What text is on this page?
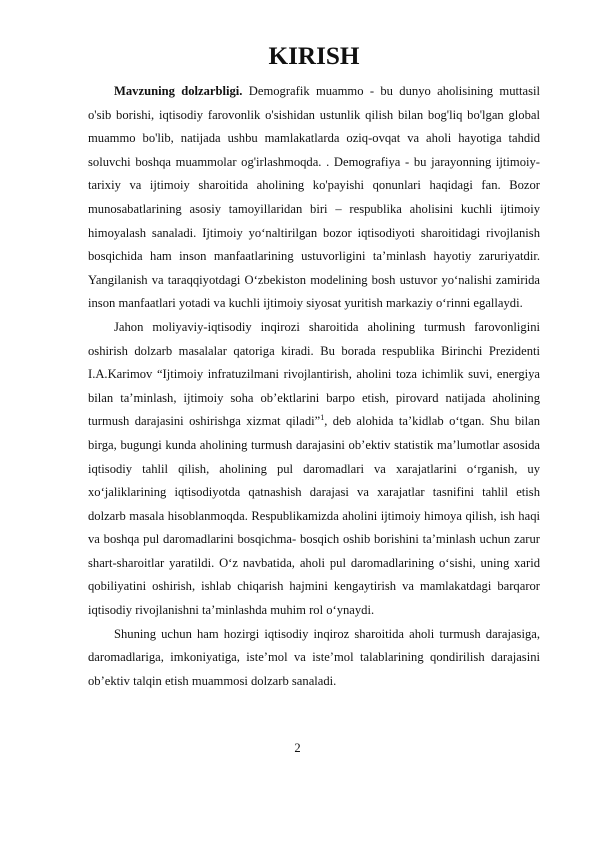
KIRISH

Mavzuning dolzarbligi. Demografik muammo - bu dunyo aholisining muttasil o'sib borishi, iqtisodiy farovonlik o'sishidan ustunlik qilish bilan bog'liq bo'lgan global muammo bo'lib, natijada ushbu mamlakatlarda oziq-ovqat va aholi hayotiga tahdid soluvchi boshqa muammolar og'irlashmoqda. . Demografiya - bu jarayonning ijtimoiy-tarixiy va ijtimoiy sharoitida aholining ko'payishi qonunlari haqidagi fan. Bozor munosabatlarining asosiy tamoyillaridan biri – respublika aholisini kuchli ijtimoiy himoyalash sanaladi. Ijtimoiy yo‘naltirilgan bozor iqtisodiyoti sharoitidagi rivojlanish bosqichida ham inson manfaatlarining ustuvorligini ta’minlash hayotiy zaruriyatdir. Yangilanish va taraqqiyotdagi O‘zbekiston modelining bosh ustuvor yo‘nalishi zamirida inson manfaatlari yotadi va kuchli ijtimoiy siyosat yuritish markaziy o‘rinni egallaydi.

Jahon moliyaviy-iqtisodiy inqirozi sharoitida aholining turmush farovonligini oshirish dolzarb masalalar qatoriga kiradi. Bu borada respublika Birinchi Prezidenti I.A.Karimov “Ijtimoiy infratuzilmani rivojlantirish, aholini toza ichimlik suvi, energiya bilan ta’minlash, ijtimoiy soha ob’ektlarini barpo etish, pirovard natijada aholining turmush darajasini oshirishga xizmat qiladi”$^1$, deb alohida ta’kidlab o‘tgan. Shu bilan birga, bugungi kunda aholining turmush darajasini ob’ektiv statistik ma’lumotlar asosida iqtisodiy tahlil qilish, aholining pul daromadlari va xarajatlarini o‘rganish, uy xo‘jaliklarining iqtisodiyotda qatnashish darajasi va xarajatlar tasnifini tahlil etish dolzarb masala hisoblanmoqda. Respublikamizda aholini ijtimoiy himoya qilish, ish haqi va boshqa pul daromadlarini bosqichma- bosqich oshib borishini ta’minlash uchun zarur shart-sharoitlar yaratildi. O‘z navbatida, aholi pul daromadlarining o‘sishi, uning xarid qobiliyatini oshirish, ishlab chiqarish hajmini kengaytirish va mamlakatdagi barqaror iqtisodiy rivojlanishni ta’minlashda muhim rol o‘ynaydi.

Shuning uchun ham hozirgi iqtisodiy inqiroz sharoitida aholi turmush darajasiga, daromadlariga, imkoniyatiga, iste’mol va iste’mol talablarining qondirilish darajasini ob’ektiv talqin etish muammosi dolzarb sanaladi.

2
